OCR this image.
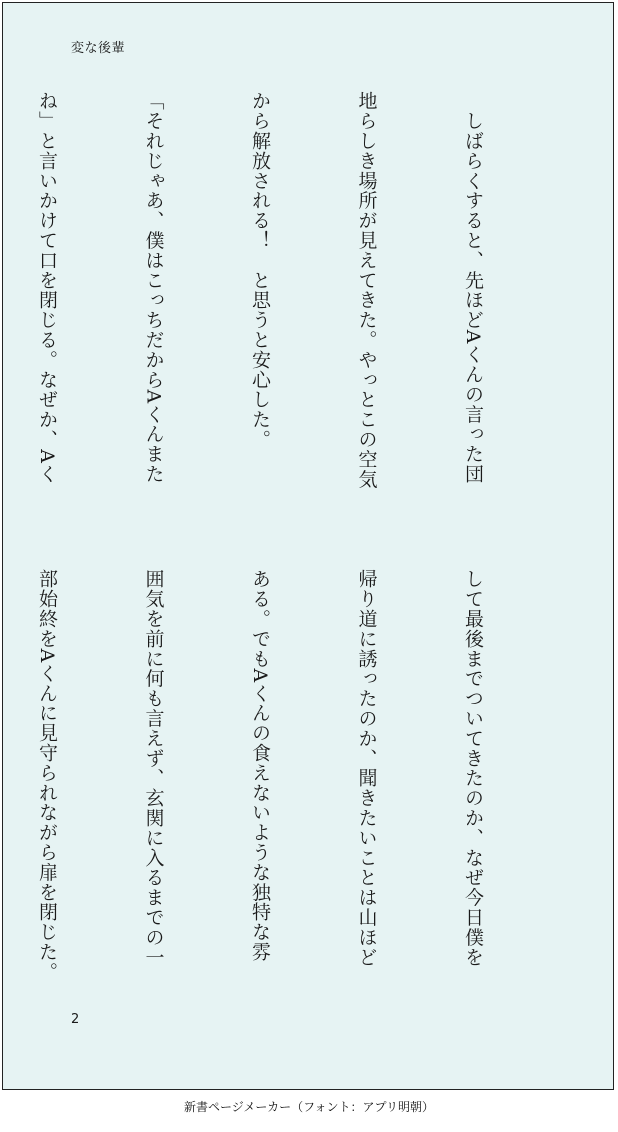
変な後輩

　しばらくすると、先ほどAくんの言った団

地らしき場所が見えてきた。やっとこの空気

から解放される！　と思うと安心した。

「それじゃあ、僕はこっちだからAくんまた

ね」と言いかけて口を閉じる。なぜか、Aく

して最後までついてきたのか、なぜ今日僕を

帰り道に誘ったのか、聞きたいことは山ほど

ある。でもAくんの食えないような独特な雰

囲気を前に何も言えず、玄関に入るまでの一

部始終をAくんに見守られながら扉を閉じた。

2
新書ページメーカー（フォント：アプリ明朝）
